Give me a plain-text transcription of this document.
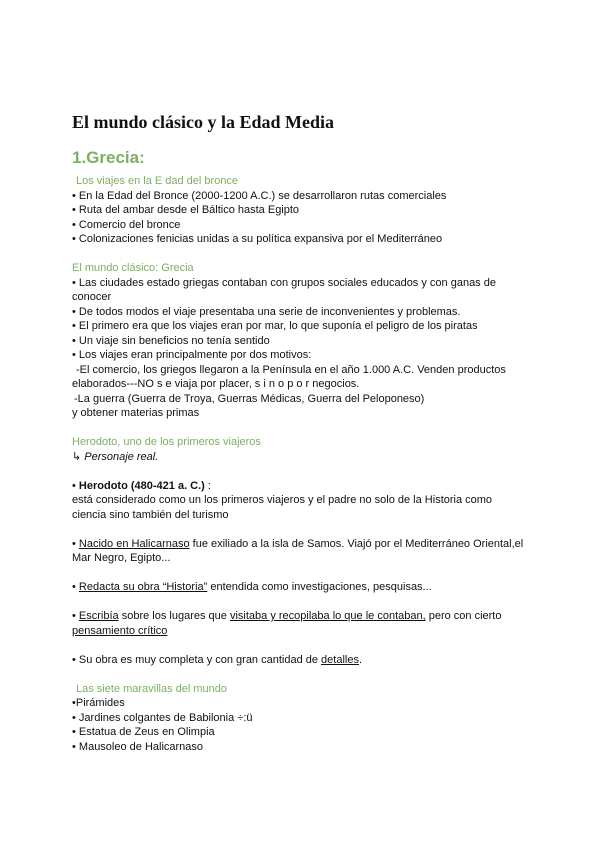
El mundo clásico y la Edad Media
1.Grecia:
Los viajes en la E dad del bronce
• En la Edad del Bronce (2000-1200 A.C.) se desarrollaron rutas comerciales
• Ruta del ambar desde el Báltico hasta Egipto
• Comercio del bronce
• Colonizaciones fenicias unidas a su política expansiva por el Mediterráneo
El mundo clásico: Grecia
• Las ciudades estado griegas contaban con grupos sociales educados y con ganas de
conocer
• De todos modos el viaje presentaba una serie de inconvenientes y problemas.
• El primero era que los viajes eran por mar, lo que suponía el peligro de los piratas
• Un viaje sin beneficios no tenía sentido
• Los viajes eran principalmente por dos motivos:
-El comercio, los griegos llegaron a la Península en el año 1.000 A.C. Venden productos
elaborados---NO s e viaja por placer, s i n o p o r negocios.
-La guerra (Guerra de Troya, Guerras Médicas, Guerra del Peloponeso)
y obtener materias primas
Herodoto, uno de los primeros viajeros
↳ Personaje real.
• Herodoto (480-421 a. C.) :
está considerado como un los primeros viajeros y el padre no solo de la Historia como
ciencia sino también del turismo
• Nacido en Halicarnaso fue exiliado a la isla de Samos. Viajó por el Mediterráneo Oriental,el
Mar Negro, Egipto...
• Redacta su obra “Historia” entendida como investigaciones, pesquisas...
• Escribía sobre los lugares que visitaba y recopilaba lo que le contaban, pero con cierto
pensamiento crítico
• Su obra es muy completa y con gran cantidad de detalles.
Las siete maravillas del mundo
•Pirámides
• Jardines colgantes de Babilonia ÷:ü
• Estatua de Zeus en Olimpia
• Mausoleo de Halicarnaso
